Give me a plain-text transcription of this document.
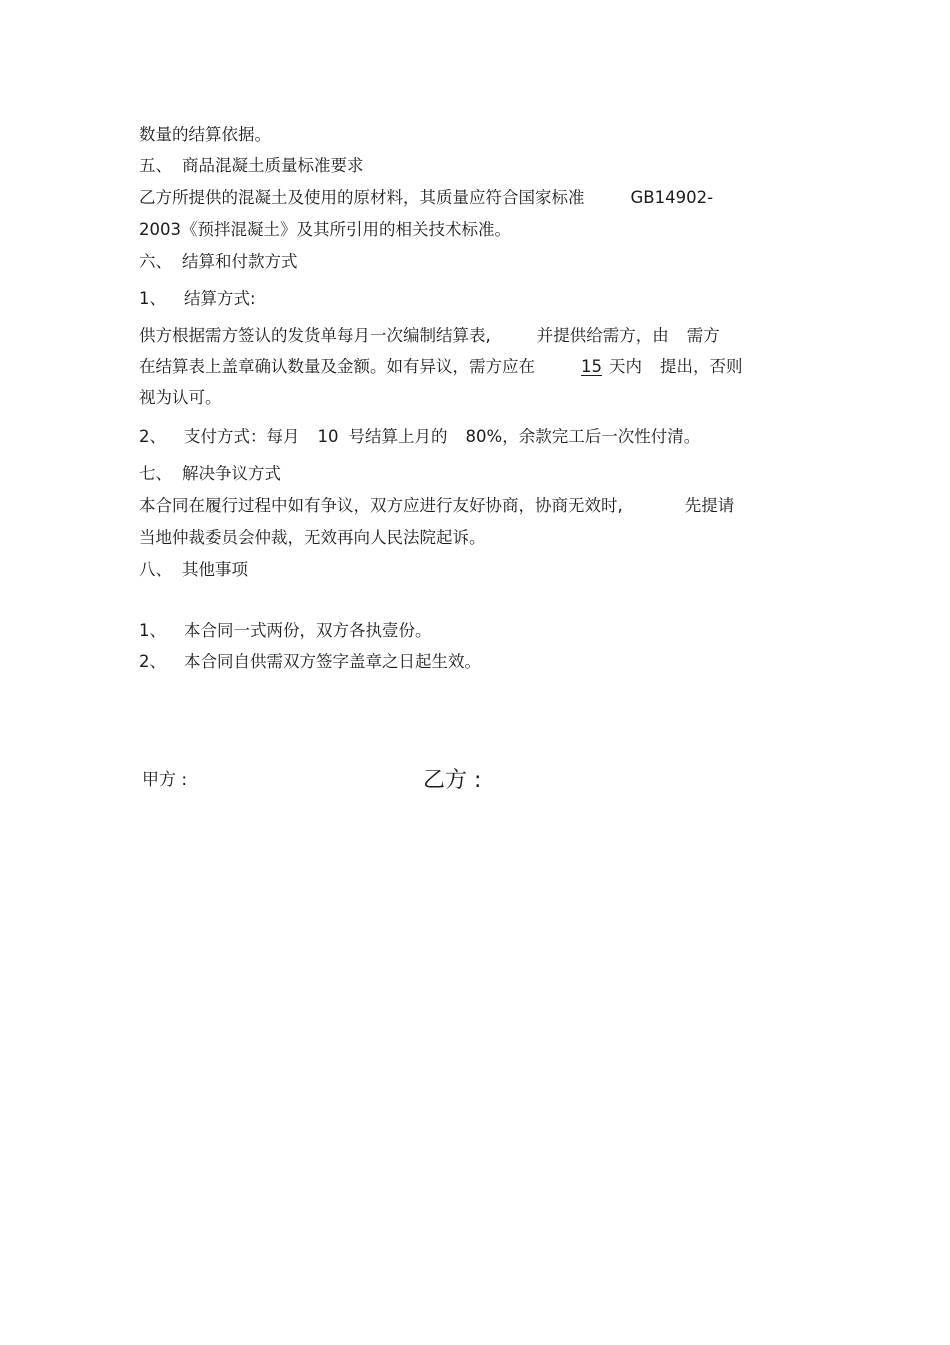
数量的结算依据。
五、 商品混凝土质量标准要求
乙方所提供的混凝土及使用的原材料，其质量应符合国家标准	GB14902-
2003《预拌混凝土》及其所引用的相关技术标准。
六、 结算和付款方式
1、 结算方式:
供方根据需方签认的发货单每月一次编制结算表,	并提供给需方，由 需方
在结算表上盖章确认数量及金额。如有异议，需方应在	15 天内 提出，否则
视为认可。
2、 支付方式：每月 10 号结算上月的 80%，余款完工后一次性付清。
七、 解决争议方式
本合同在履行过程中如有争议，双方应进行友好协商，协商无效时,	先提请
当地仲裁委员会仲裁，无效再向人民法院起诉。
八、 其他事项
1、 本合同一式两份，双方各执壹份。
2、 本合同自供需双方签字盖章之日起生效。
甲方 :	乙方 :
